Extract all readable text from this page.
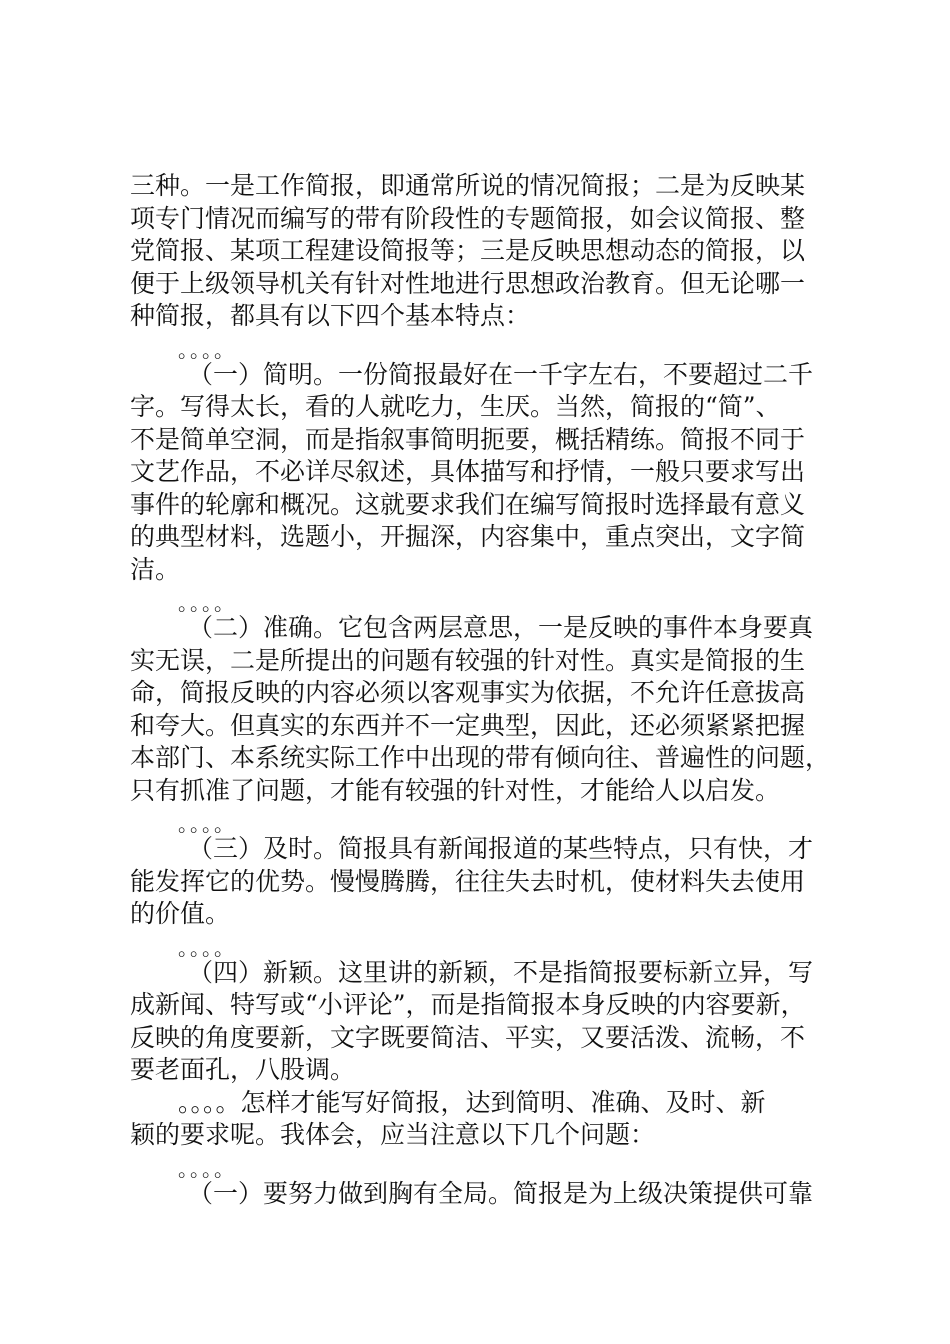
三种。一是工作简报，即通常所说的情况简报；二是为反映某
项专门情况而编写的带有阶段性的专题简报，如会议简报、整
党简报、某项工程建设简报等；三是反映思想动态的简报，以
便于上级领导机关有针对性地进行思想政治教育。但无论哪一
种简报，都具有以下四个基本特点：
。。。。
（一）简明。一份简报最好在一千字左右，不要超过二千
字。写得太长，看的人就吃力，生厌。当然，简报的“简”、
不是简单空洞，而是指叙事简明扼要，概括精练。简报不同于
文艺作品，不必详尽叙述，具体描写和抒情，一般只要求写出
事件的轮廓和概况。这就要求我们在编写简报时选择最有意义
的典型材料，选题小，开掘深，内容集中，重点突出，文字简
洁。
。。。。
（二）准确。它包含两层意思，一是反映的事件本身要真
实无误，二是所提出的问题有较强的针对性。真实是简报的生
命，简报反映的内容必须以客观事实为依据，不允许任意拔高
和夸大。但真实的东西并不一定典型，因此，还必须紧紧把握
本部门、本系统实际工作中出现的带有倾向往、普遍性的问题，
只有抓准了问题，才能有较强的针对性，才能给人以启发。
。。。。
（三）及时。简报具有新闻报道的某些特点，只有快，才
能发挥它的优势。慢慢腾腾，往往失去时机，使材料失去使用
的价值。
。。。。
（四）新颖。这里讲的新颖，不是指简报要标新立异，写
成新闻、特写或“小评论”，而是指简报本身反映的内容要新，
反映的角度要新，文字既要简洁、平实，又要活泼、流畅，不
要老面孔，八股调。
。。。。怎样才能写好简报，达到简明、准确、及时、新
颖的要求呢。我体会，应当注意以下几个问题：
。。。。
（一）要努力做到胸有全局。简报是为上级决策提供可靠
